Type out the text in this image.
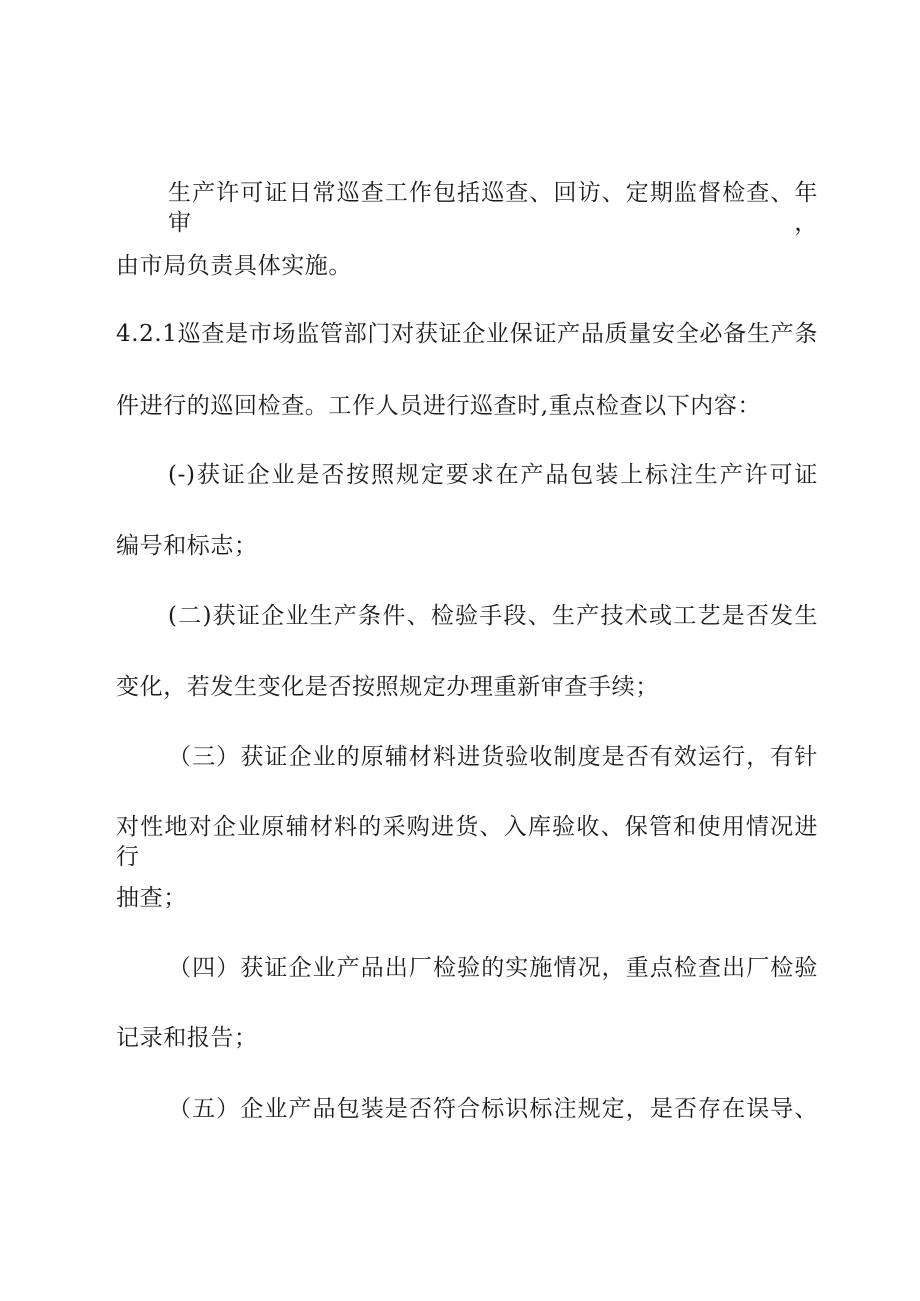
生产许可证日常巡查工作包括巡查、回访、定期监督检查、年审，
由市局负责具体实施。
4.2.1巡查是市场监管部门对获证企业保证产品质量安全必备生产条
件进行的巡回检查。工作人员进行巡查时,重点检查以下内容：
(-)获证企业是否按照规定要求在产品包装上标注生产许可证
编号和标志；
(二)获证企业生产条件、检验手段、生产技术或工艺是否发生
变化，若发生变化是否按照规定办理重新审查手续；
（三）获证企业的原辅材料进货验收制度是否有效运行，有针
对性地对企业原辅材料的采购进货、入库验收、保管和使用情况进行
抽查；
（四）获证企业产品出厂检验的实施情况，重点检查出厂检验
记录和报告；
（五）企业产品包装是否符合标识标注规定，是否存在误导、
